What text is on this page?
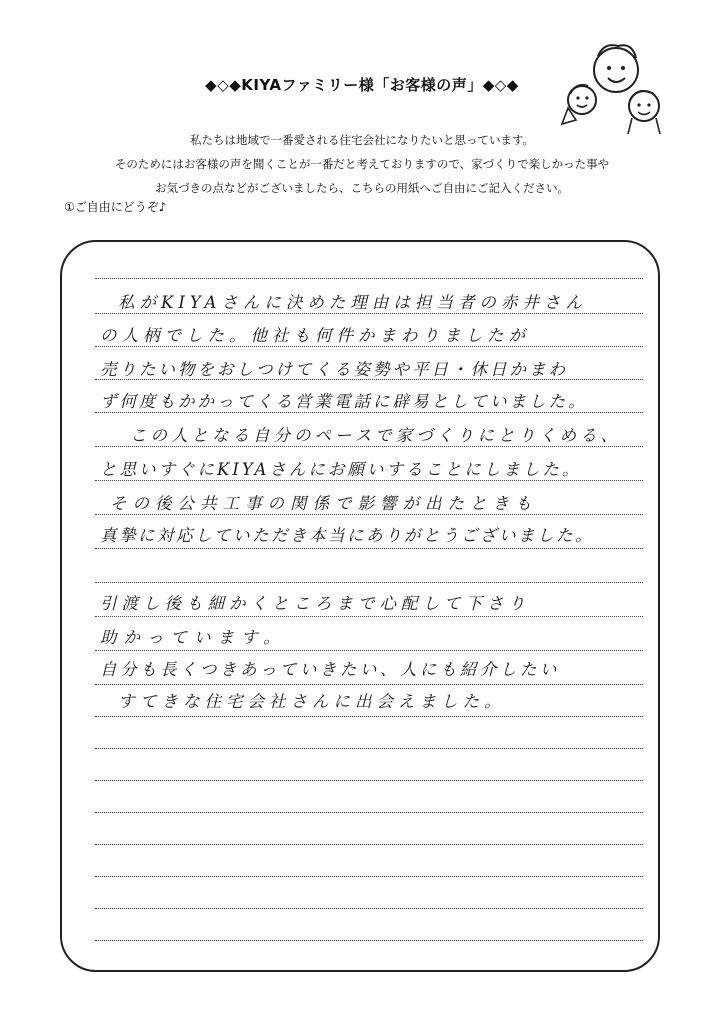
◆◇◆KIYAファミリー様「お客様の声」◆◇◆
私たちは地域で一番愛される住宅会社になりたいと思っています。
そのためにはお客様の声を聞くことが一番だと考えておりますので、家づくりで楽しかった事や
お気づきの点などがございましたら、こちらの用紙へご自由にご記入ください。
①ご自由にどうぞ♪
私がKIYAさんに決めた理由は担当者の赤井さん
の人柄でした。他社も何件かまわりましたが
売りたい物をおしつけてくる姿勢や平日・休日かまわ
ず何度もかかってくる営業電話に辟易としていました。
この人となる自分のペースで家づくりにとりくめる、
と思いすぐにKIYAさんにお願いすることにしました。
その後公共工事の関係で影響が出たときも
真摯に対応していただき本当にありがとうございました。
引渡し後も細かくところまで心配して下さり
助かっています。
自分も長くつきあっていきたい、人にも紹介したい
すてきな住宅会社さんに出会えました。
